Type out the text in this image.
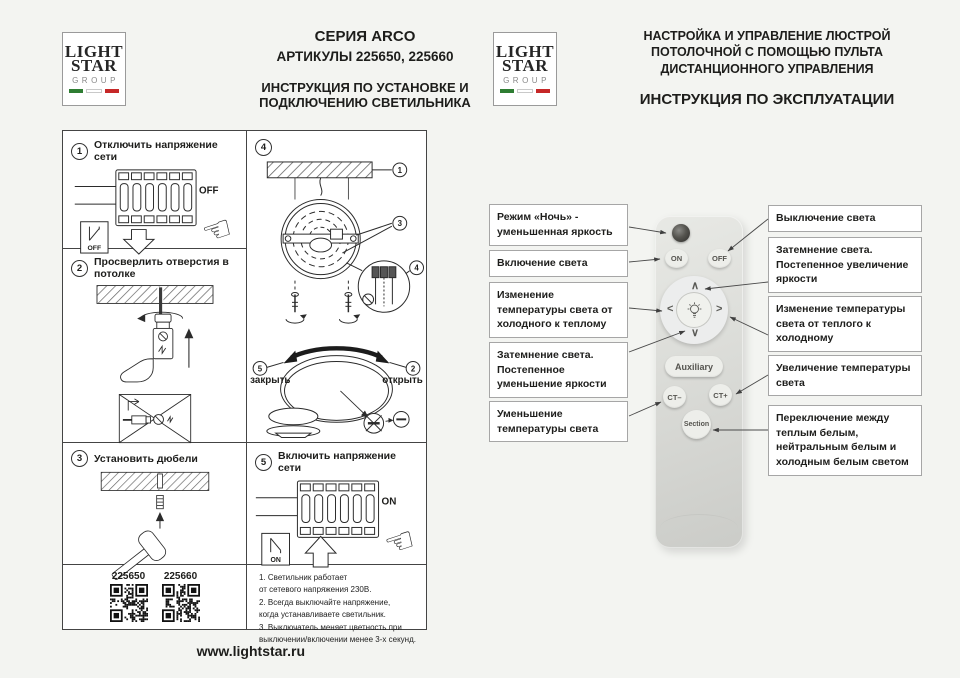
LIGHT
STAR
GROUP
СЕРИЯ ARCO
АРТИКУЛЫ 225650, 225660
ИНСТРУКЦИЯ ПО УСТАНОВКЕ И
ПОДКЛЮЧЕНИЮ СВЕТИЛЬНИКА
LIGHT
STAR
GROUP
НАСТРОЙКА И УПРАВЛЕНИЕ ЛЮСТРОЙ
ПОТОЛОЧНОЙ С ПОМОЩЬЮ ПУЛЬТА
ДИСТАНЦИОННОГО УПРАВЛЕНИЯ
ИНСТРУКЦИЯ ПО ЭКСПЛУАТАЦИИ
1	Отключить напряжение сети
OFF
☜
OFF
2	Просверлить отверстия в потолке
3	Установить дюбели
225650 225660
4
1
3
4
5	2
закрыть	открыть
5	Включить напряжение сети
ON
☜
ON
1. Светильник работает
от сетевого напряжения 230В.
2. Всегда выключайте напряжение,
когда устанавливаете светильник.
3. Выключатель меняет цветность при
выключении/включении менее 3-х секунд.
www.lightstar.ru
Режим «Ночь» - уменьшенная яркость
Включение света
Изменение температуры света от холодного к теплому
Затемнение света. Постепенное уменьшение яркости
Уменьшение температуры света
Выключение света
Затемнение света. Постепенное увеличение яркости
Изменение температуры света от теплого к холодному
Увеличение температуры света
Переключение между теплым белым, нейтральным белым и холодным белым светом
ON	OFF
∧
∨
<	>
Auxiliary
CT–	CT+
Section
